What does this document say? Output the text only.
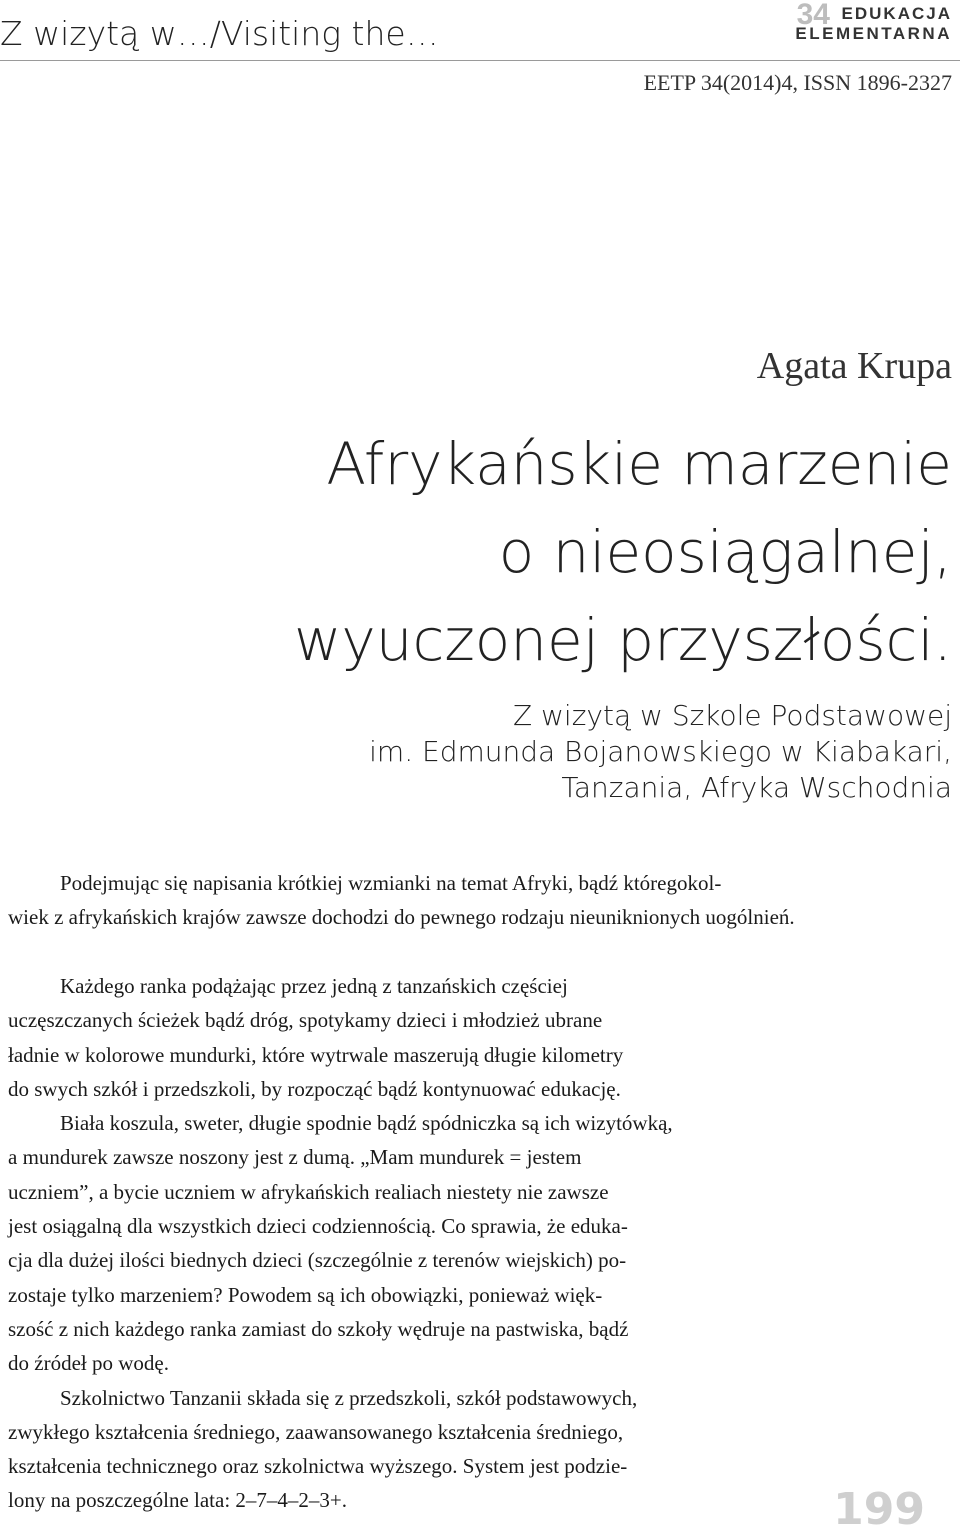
Z wizytą w…/Visiting the…	34 EDUKACJA
ELEMENTARNA
EETP 34(2014)4, ISSN 1896-2327
Agata Krupa
Afrykańskie marzenie
o nieosiągalnej,
wyuczonej przyszłości.
Z wizytą w Szkole Podstawowej
im. Edmunda Bojanowskiego w Kiabakari,
Tanzania, Afryka Wschodnia
Podejmując się napisania krótkiej wzmianki na temat Afryki, bądź któregokol-
wiek z afrykańskich krajów zawsze dochodzi do pewnego rodzaju nieuniknionych uogólnień.
Każdego ranka podążając przez jedną z tanzańskich częściej
uczęszczanych ścieżek bądź dróg, spotykamy dzieci i młodzież ubrane
ładnie w kolorowe mundurki, które wytrwale maszerują długie kilometry
do swych szkół i przedszkoli, by rozpocząć bądź kontynuować edukację.
Biała koszula, sweter, długie spodnie bądź spódniczka są ich wizytówką,
a mundurek zawsze noszony jest z dumą. „Mam mundurek = jestem
uczniem”, a bycie uczniem w afrykańskich realiach niestety nie zawsze
jest osiągalną dla wszystkich dzieci codziennością. Co sprawia, że eduka-
cja dla dużej ilości biednych dzieci (szczególnie z terenów wiejskich) po-
zostaje tylko marzeniem? Powodem są ich obowiązki, ponieważ więk-
szość z nich każdego ranka zamiast do szkoły wędruje na pastwiska, bądź
do źródeł po wodę.
Szkolnictwo Tanzanii składa się z przedszkoli, szkół podstawowych,
zwykłego kształcenia średniego, zaawansowanego kształcenia średniego,
kształcenia technicznego oraz szkolnictwa wyższego. System jest podzie-
lony na poszczególne lata: 2–7–4–2–3+.	199
